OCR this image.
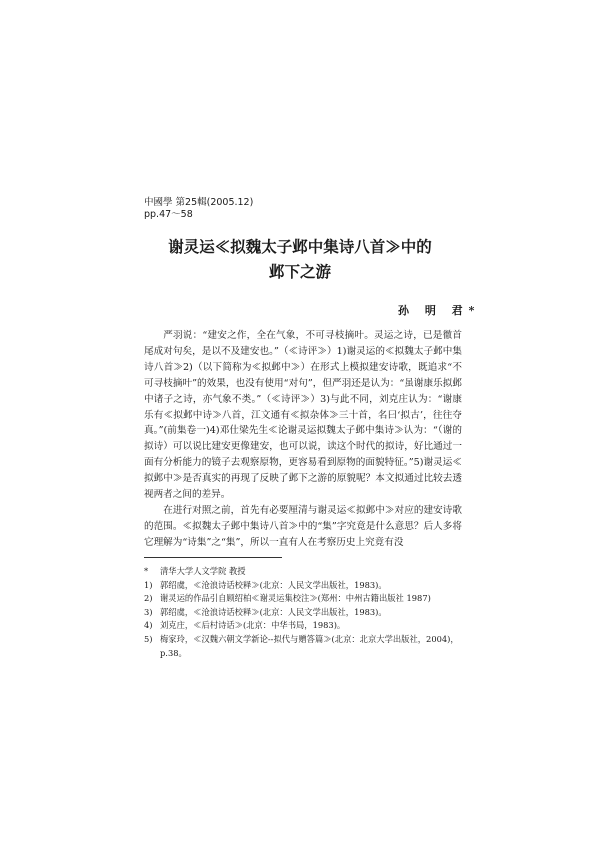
中國學 第25輯(2005.12)
pp.47～58
谢灵运≪拟魏太子邺中集诗八首≫中的
邺下之游
孙 明 君*

严羽说：“建安之作，全在气象，不可寻枝摘叶。灵运之诗，已是徹首尾成对句矣，是以不及建安也。”（≪诗评≫）1)谢灵运的≪拟魏太子邺中集诗八首≫2)（以下简称为≪拟邺中≫）在形式上模拟建安诗歌，既追求“不可寻枝摘叶”的效果，也没有使用“对句”，但严羽还是认为：“虽谢康乐拟邺中诸子之诗，亦气象不类。”（≪诗评≫）3)与此不同，刘克庄认为：“谢康乐有≪拟邺中诗≫八首，江文通有≪拟杂体≫三十首，名曰‘拟古’，往往夺真。”(前集卷一)4)邓仕梁先生≪论谢灵运拟魏太子邺中集诗≫认为：“（谢的拟诗）可以说比建安更像建安，也可以说，读这个时代的拟诗，好比通过一面有分析能力的镜子去观察原物，更容易看到原物的面貌特征。”5)谢灵运≪拟邺中≫是否真实的再现了反映了邺下之游的原貌呢？本文拟通过比较去透视两者之间的差异。

在进行对照之前，首先有必要厘清与谢灵运≪拟邺中≫对应的建安诗歌的范围。≪拟魏太子邺中集诗八首≫中的“集”字究竟是什么意思？后人多将它理解为“诗集”之“集”，所以一直有人在考察历史上究竟有没

*	清华大学人文学院 教授
1) 郭绍虞，≪沧浪诗话校释≫(北京：人民文学出版社，1983)。
2) 谢灵运的作品引自顾绍柏≪谢灵运集校注≫(郑州：中州古籍出版社 1987)
3) 郭绍虞，≪沧浪诗话校释≫(北京：人民文学出版社，1983)。
4) 刘克庄，≪后村诗话≫(北京：中华书局，1983)。
5) 梅家玲，≪汉魏六朝文学新论--拟代与赠答篇≫(北京：北京大学出版社，2004)，p.38。
